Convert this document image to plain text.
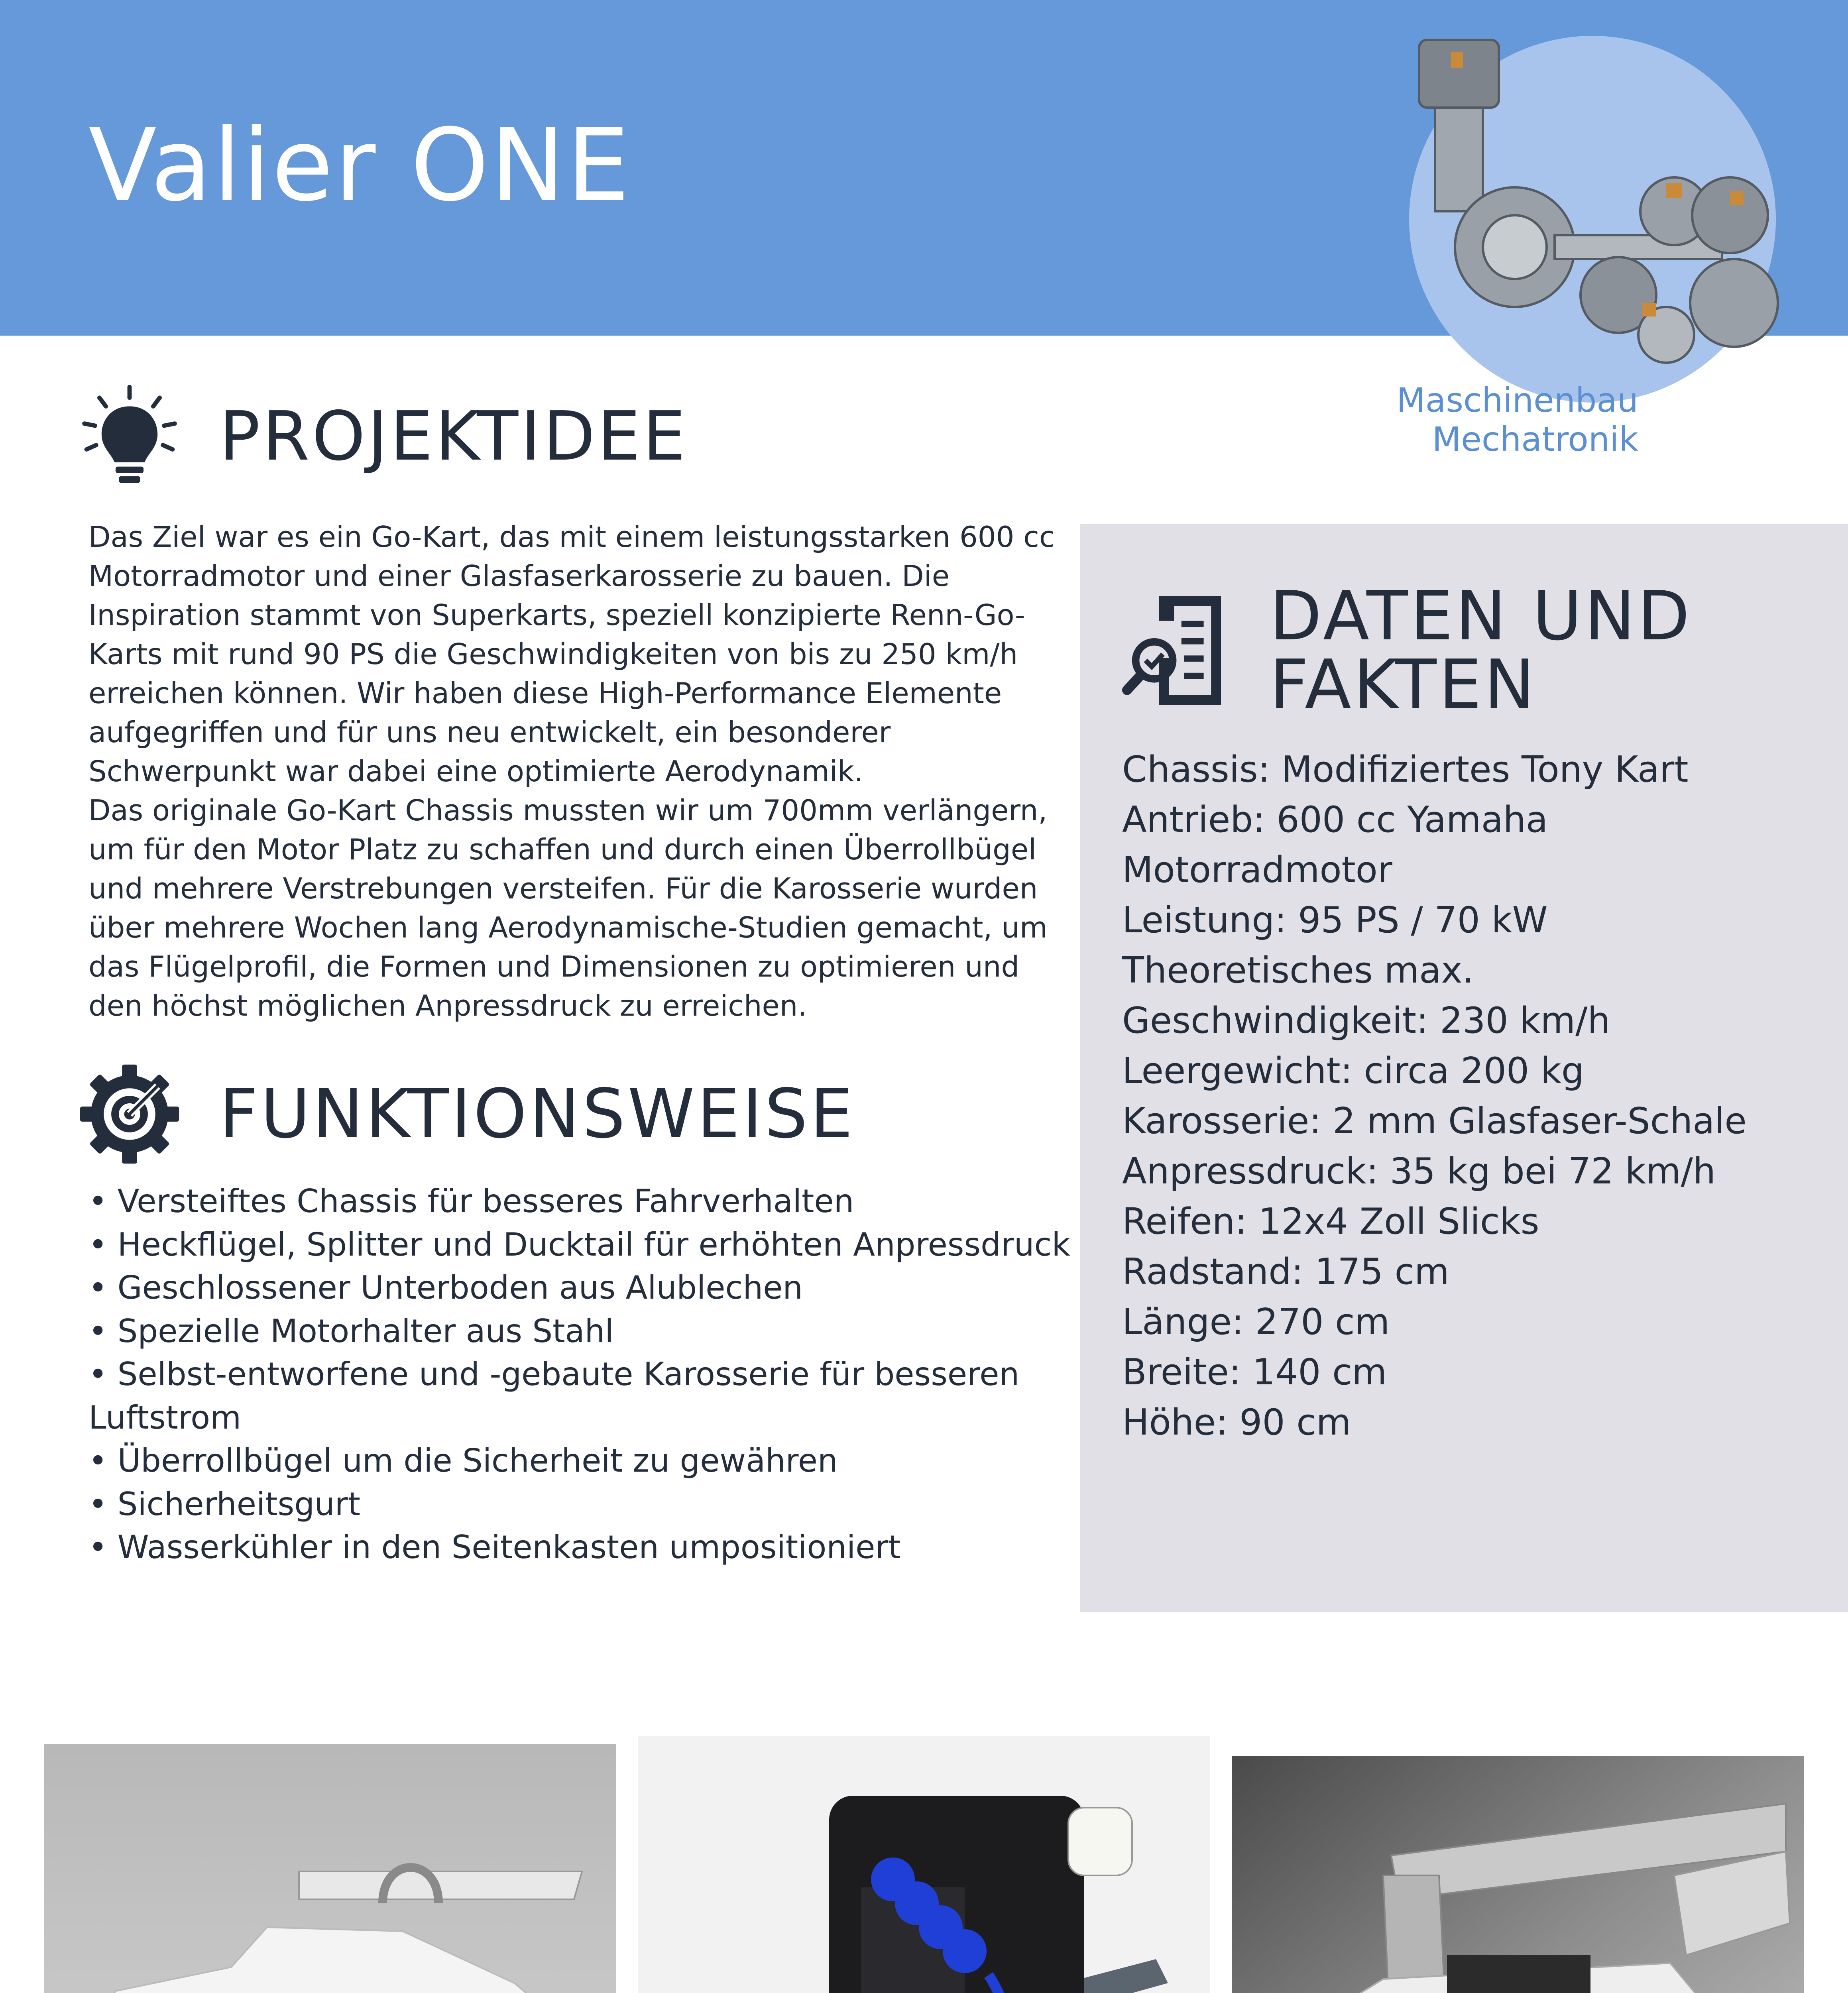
Valier ONE
Maschinenbau
Mechatronik
PROJEKTIDEE
Das Ziel war es ein Go-Kart, das mit einem leistungsstarken 600 cc
Motorradmotor und einer Glasfaserkarosserie zu bauen. Die
Inspiration stammt von Superkarts, speziell konzipierte Renn-Go-
Karts mit rund 90 PS die Geschwindigkeiten von bis zu 250 km/h
erreichen können. Wir haben diese High-Performance Elemente
aufgegriffen und für uns neu entwickelt, ein besonderer
Schwerpunkt war dabei eine optimierte Aerodynamik.
Das originale Go-Kart Chassis mussten wir um 700mm verlängern,
um für den Motor Platz zu schaffen und durch einen Überrollbügel
und mehrere Verstrebungen versteifen. Für die Karosserie wurden
über mehrere Wochen lang Aerodynamische-Studien gemacht, um
das Flügelprofil, die Formen und Dimensionen zu optimieren und
den höchst möglichen Anpressdruck zu erreichen.
FUNKTIONSWEISE
• Versteiftes Chassis für besseres Fahrverhalten
• Heckflügel, Splitter und Ducktail für erhöhten Anpressdruck
• Geschlossener Unterboden aus Alublechen
• Spezielle Motorhalter aus Stahl
• Selbst-entworfene und -gebaute Karosserie für besseren
Luftstrom
• Überrollbügel um die Sicherheit zu gewähren
• Sicherheitsgurt
• Wasserkühler in den Seitenkasten umpositioniert
DATEN UND
FAKTEN
Chassis: Modifiziertes Tony Kart
Antrieb: 600 cc Yamaha
Motorradmotor
Leistung: 95 PS / 70 kW
Theoretisches max.
Geschwindigkeit: 230 km/h
Leergewicht: circa 200 kg
Karosserie: 2 mm Glasfaser-Schale
Anpressdruck: 35 kg bei 72 km/h
Reifen: 12x4 Zoll Slicks
Radstand: 175 cm
Länge: 270 cm
Breite: 140 cm
Höhe: 90 cm
